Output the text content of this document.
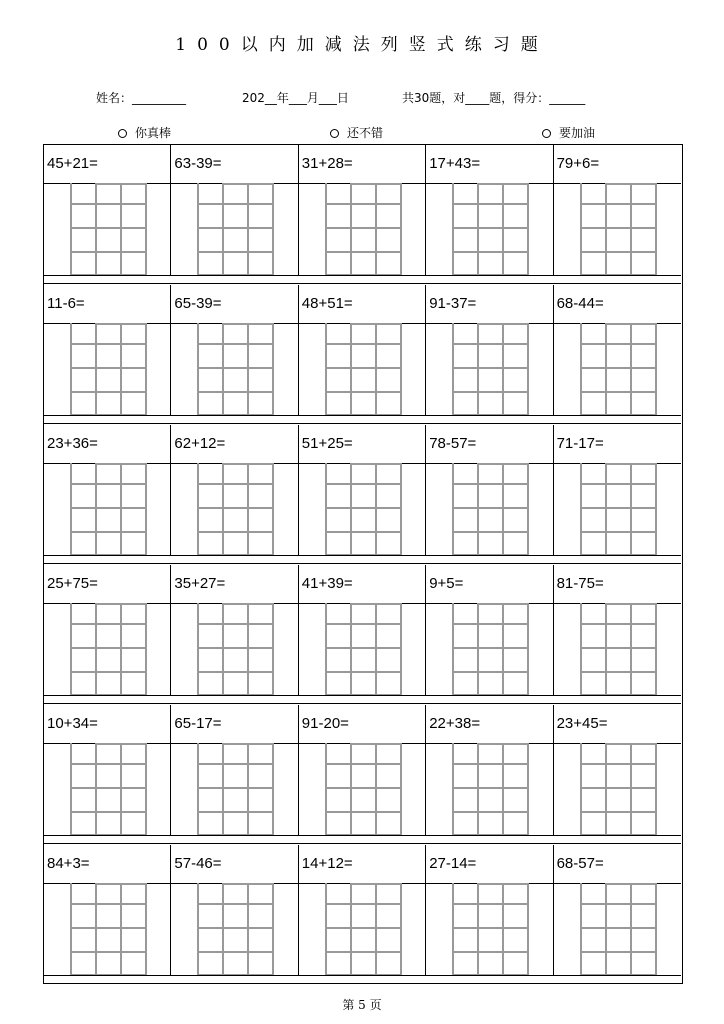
100以内加减法列竖式练习题
姓名：_________	202__年___月___日	共30题，对____题，得分：______
你真棒	还不错	要加油
45+21=	63-39=	31+28=	17+43=	79+6=
11-6=	65-39=	48+51=	91-37=	68-44=
23+36=	62+12=	51+25=	78-57=	71-17=
25+75=	35+27=	41+39=	9+5=	81-75=
10+34=	65-17=	91-20=	22+38=	23+45=
84+3=	57-46=	14+12=	27-14=	68-57=
第 5 页
